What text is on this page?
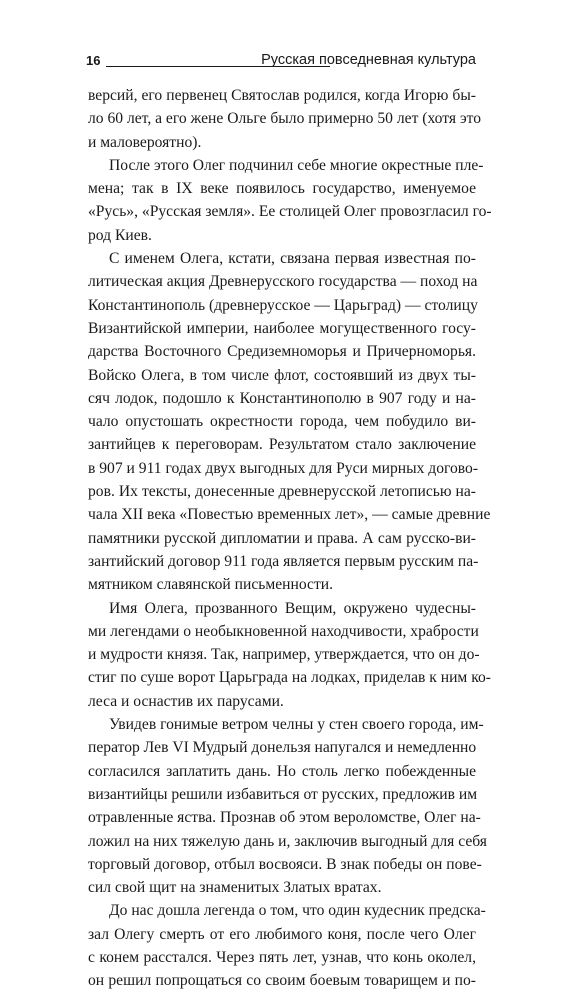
16	Русская повседневная культура
версий, его первенец Святослав родился, когда Игорю бы-
ло 60 лет, а его жене Ольге было примерно 50 лет (хотя это
и маловероятно).
После этого Олег подчинил себе многие окрестные пле-
мена; так в IX веке появилось государство, именуемое
«Русь», «Русская земля». Ее столицей Олег провозгласил го-
род Киев.
С именем Олега, кстати, связана первая известная по-
литическая акция Древнерусского государства — поход на
Константинополь (древнерусское — Царьград) — столицу
Византийской империи, наиболее могущественного госу-
дарства Восточного Средиземноморья и Причерноморья.
Войско Олега, в том числе флот, состоявший из двух ты-
сяч лодок, подошло к Константинополю в 907 году и на-
чало опустошать окрестности города, чем побудило ви-
зантийцев к переговорам. Результатом стало заключение
в 907 и 911 годах двух выгодных для Руси мирных догово-
ров. Их тексты, донесенные древнерусской летописью на-
чала XII века «Повестью временных лет», — самые древние
памятники русской дипломатии и права. А сам русско-ви-
зантийский договор 911 года является первым русским па-
мятником славянской письменности.
Имя Олега, прозванного Вещим, окружено чудесны-
ми легендами о необыкновенной находчивости, храбрости
и мудрости князя. Так, например, утверждается, что он до-
стиг по суше ворот Царьграда на лодках, приделав к ним ко-
леса и оснастив их парусами.
Увидев гонимые ветром челны у стен своего города, им-
ператор Лев VI Мудрый донельзя напугался и немедленно
согласился заплатить дань. Но столь легко побежденные
византийцы решили избавиться от русских, предложив им
отравленные яства. Прознав об этом вероломстве, Олег на-
ложил на них тяжелую дань и, заключив выгодный для себя
торговый договор, отбыл восвояси. В знак победы он повe-
сил свой щит на знаменитых Златых вратах.
До нас дошла легенда о том, что один кудесник предска-
зал Олегу смерть от его любимого коня, после чего Олег
с конем расстался. Через пять лет, узнав, что конь околел,
он решил попрощаться со своим боевым товарищем и по-
